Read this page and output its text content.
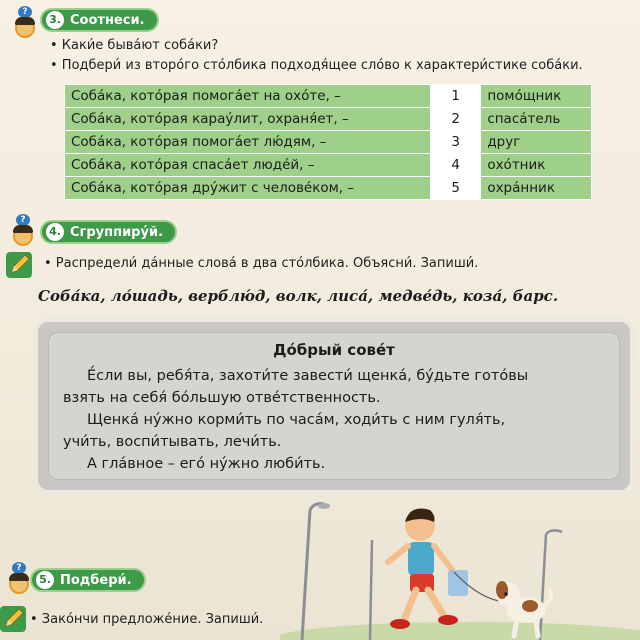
?
3. Соотнеси.
• Каки́е быва́ют соба́ки?
• Подбери́ из второ́го сто́лбика подходя́щее сло́во к характери́стике соба́ки.
Соба́ка, кото́рая помога́ет на охо́те, –	1	помо́щник
Соба́ка, кото́рая карау́лит, охраня́ет, –	2	спаса́тель
Соба́ка, кото́рая помога́ет лю́дям, –	3	друг
Соба́ка, кото́рая спаса́ет люде́й, –	4	охо́тник
Соба́ка, кото́рая дру́жит с челове́ком, –	5	охра́нник
?
4. Сгруппиру́й.
• Распредели́ да́нные слова́ в два сто́лбика. Объясни́. Запиши́.
Соба́ка, ло́шадь, верблю́д, волк, лиса́, медве́дь, коза́, барс.
До́брый сове́т
Е́сли вы, ребя́та, захоти́те завести́ щенка́, бу́дьте гото́вы
взять на себя́ бо́льшую отве́тственность.
Щенка́ ну́жно корми́ть по часа́м, ходи́ть с ним гуля́ть,
учи́ть, воспи́тывать, лечи́ть.
А гла́вное – его́ ну́жно люби́ть.
?
5. Подбери́.
• Зако́нчи предложе́ние. Запиши́.
